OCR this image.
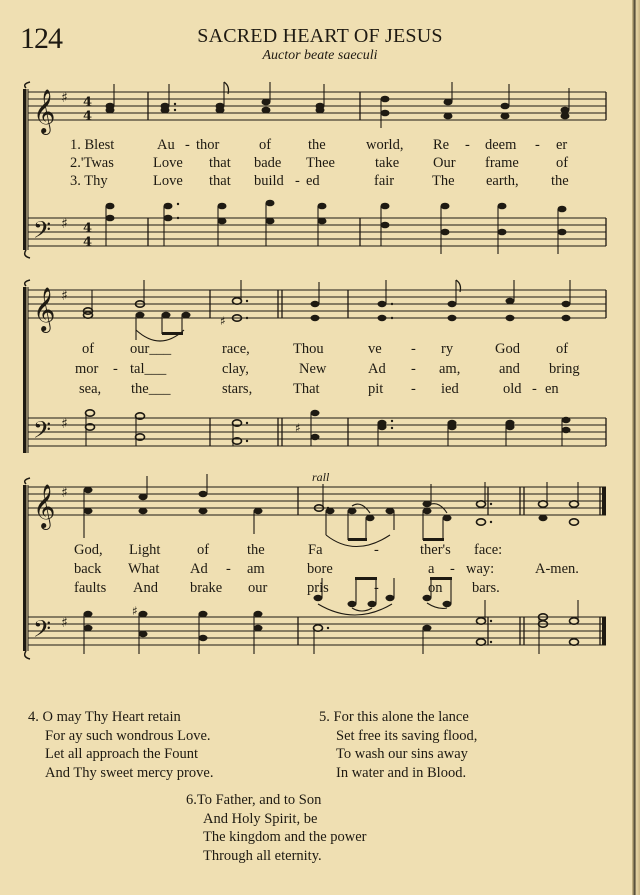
124	SACRED HEART OF JESUS
Auctor beate saeculi
𝄞 ♯ 4
4
𝄢 ♯ 4
4
1. Blest	Au - thor	of	the	world, Re - deem - er
2.'Twas	Love that bade Thee	take Our frame	of
3. Thy	Love that build - ed	fair	The earth, the
𝄞 ♯
𝄢 ♯
♯
♯
of our___	race,	Thou	ve - ry	God of
mor - tal___	clay,	New	Ad - am,	and bring
sea, the___	stars,	That	pit - ied	old - en
rall
𝄞 ♯
𝄢 ♯
♯
God, Light	of	the	Fa	-	ther's face:
back What Ad - am	bore	a - way:	A-men.
faults And brake our	pris	-	on bars.
4. O may Thy Heart retain
For ay such wondrous Love.
Let all approach the Fount
And Thy sweet mercy prove.
5. For this alone the lance
Set free its saving flood,
To wash our sins away
In water and in Blood.
6.To Father, and to Son
And Holy Spirit, be
The kingdom and the power
Through all eternity.
